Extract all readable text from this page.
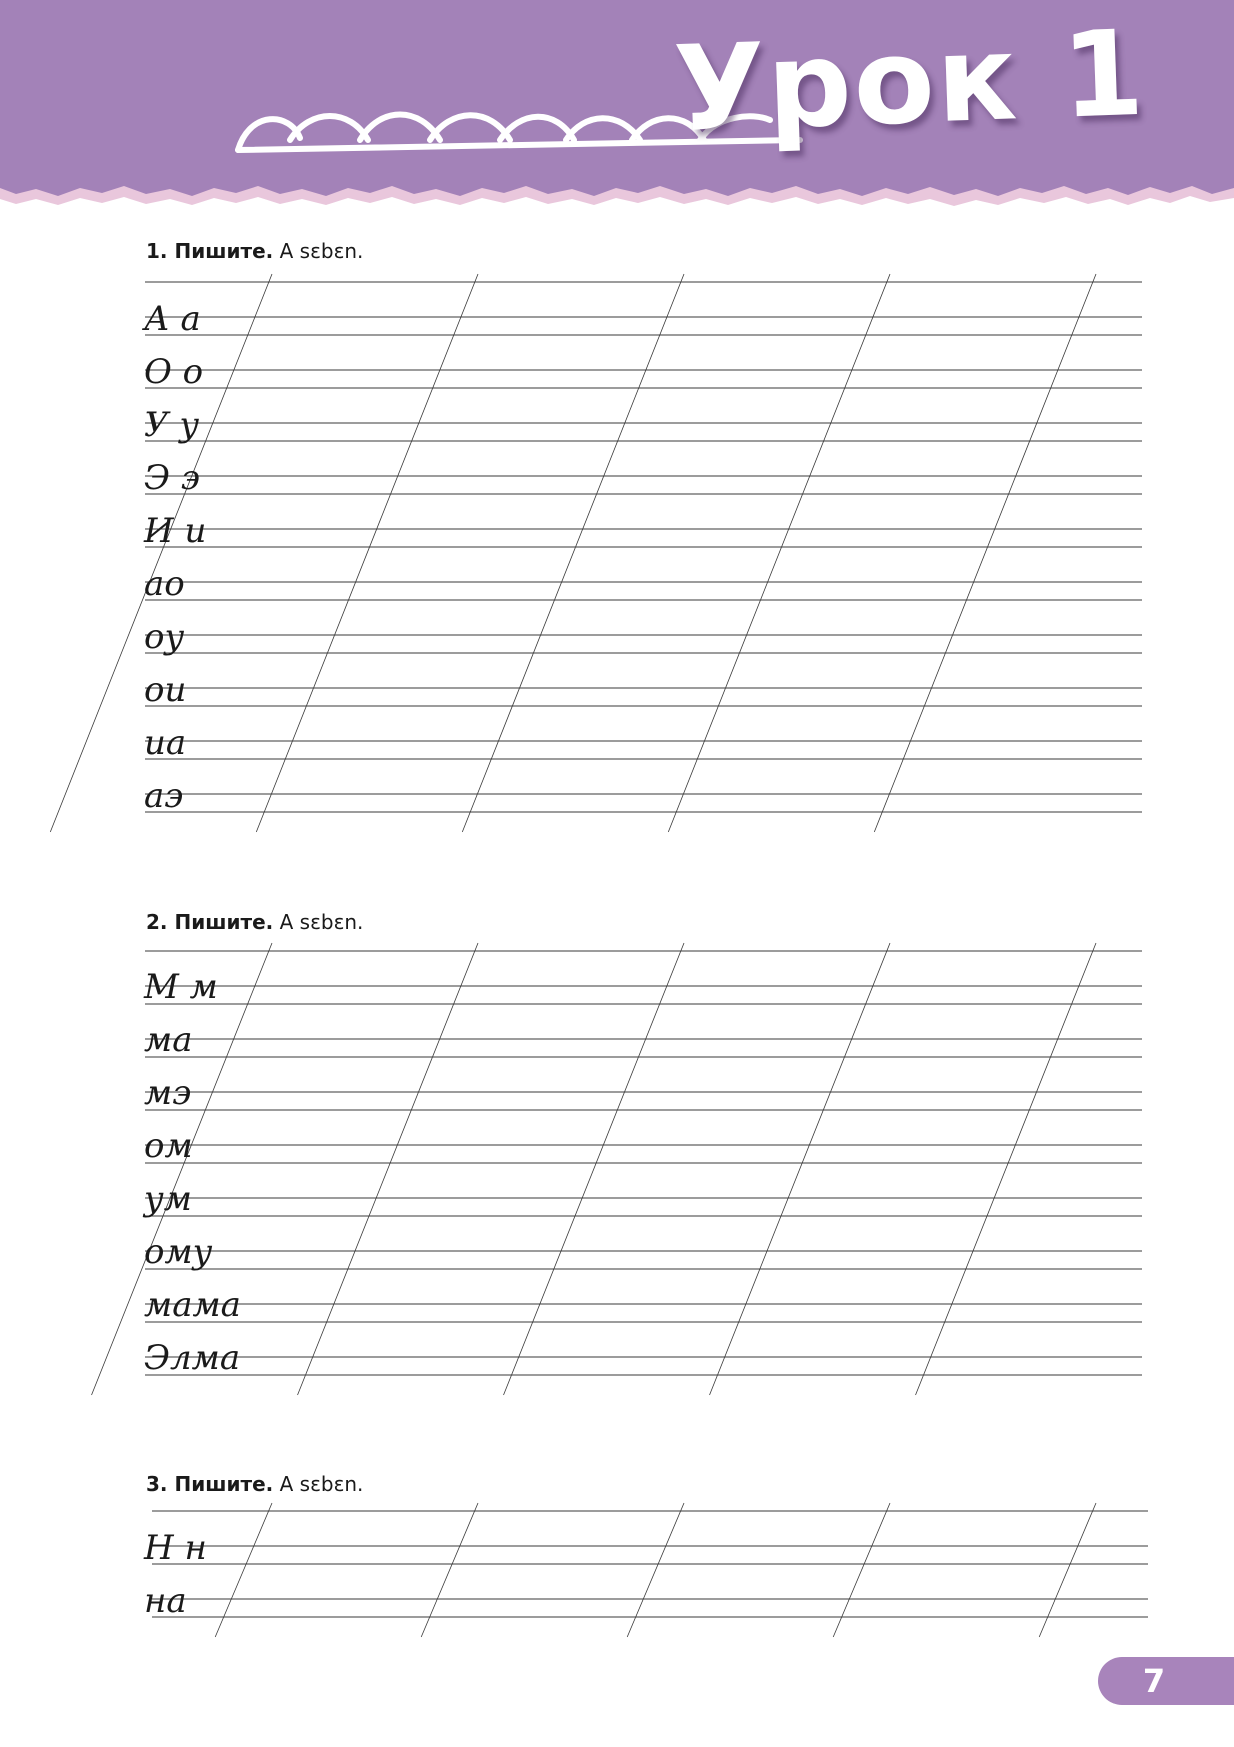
Урок 1
1. Пишите. A sɛbɛn.
2. Пишите. A sɛbɛn.
3. Пишите. A sɛbɛn.
А а
О о
У у
Э э
И и
ао
оу
ои
иа
аэ
М м
ма
мэ
ом
ум
ому
мама
Элма
Н н
на
7
